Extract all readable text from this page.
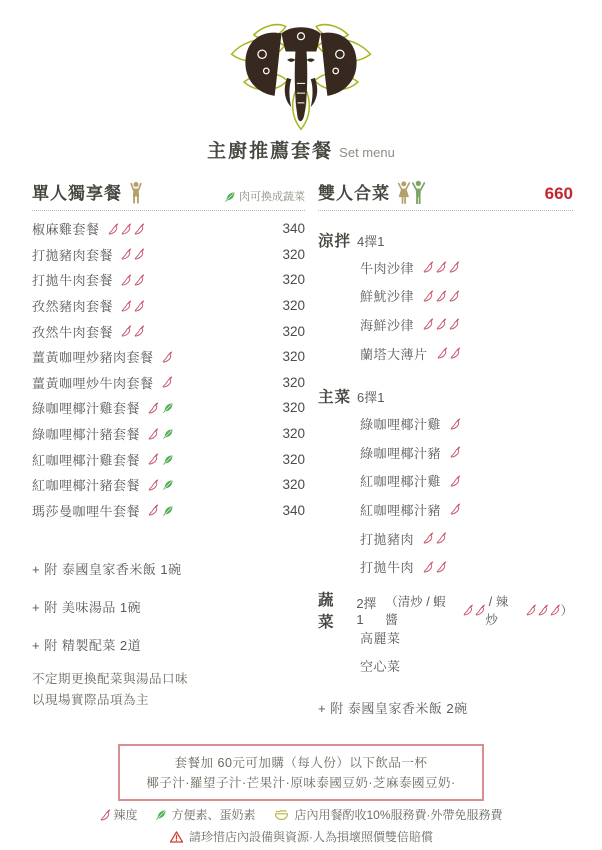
主廚推薦套餐 Set menu
單人獨享餐	肉可換成蔬菜
椒麻雞套餐	340
打拋豬肉套餐	320
打拋牛肉套餐	320
孜然豬肉套餐	320
孜然牛肉套餐	320
薑黃咖哩炒豬肉套餐	320
薑黃咖哩炒牛肉套餐	320
綠咖哩椰汁雞套餐	320
綠咖哩椰汁豬套餐	320
紅咖哩椰汁雞套餐	320
紅咖哩椰汁豬套餐	320
瑪莎曼咖哩牛套餐	340
+ 附 泰國皇家香米飯 1碗
+ 附 美味湯品 1碗
+ 附 精製配菜 2道
不定期更換配菜與湯品口味
以現場實際品項為主
雙人合菜	660
涼拌 4擇1
牛肉沙律
鮮魷沙律
海鮮沙律
蘭塔大薄片
主菜 6擇1
綠咖哩椰汁雞
綠咖哩椰汁豬
紅咖哩椰汁雞
紅咖哩椰汁豬
打拋豬肉
打拋牛肉
蔬菜
2擇1
（清炒 / 蝦醬
/ 辣炒
）
高麗菜
空心菜
+ 附 泰國皇家香米飯 2碗
套餐加 60元可加購（每人份）以下飲品一杯
椰子汁·羅望子汁·芒果汁·原味泰國豆奶·芝麻泰國豆奶·
辣度	方便素、蛋奶素	店內用餐酌收10%服務費·外帶免服務費
請珍惜店內設備與資源·人為損壞照價雙倍賠償
